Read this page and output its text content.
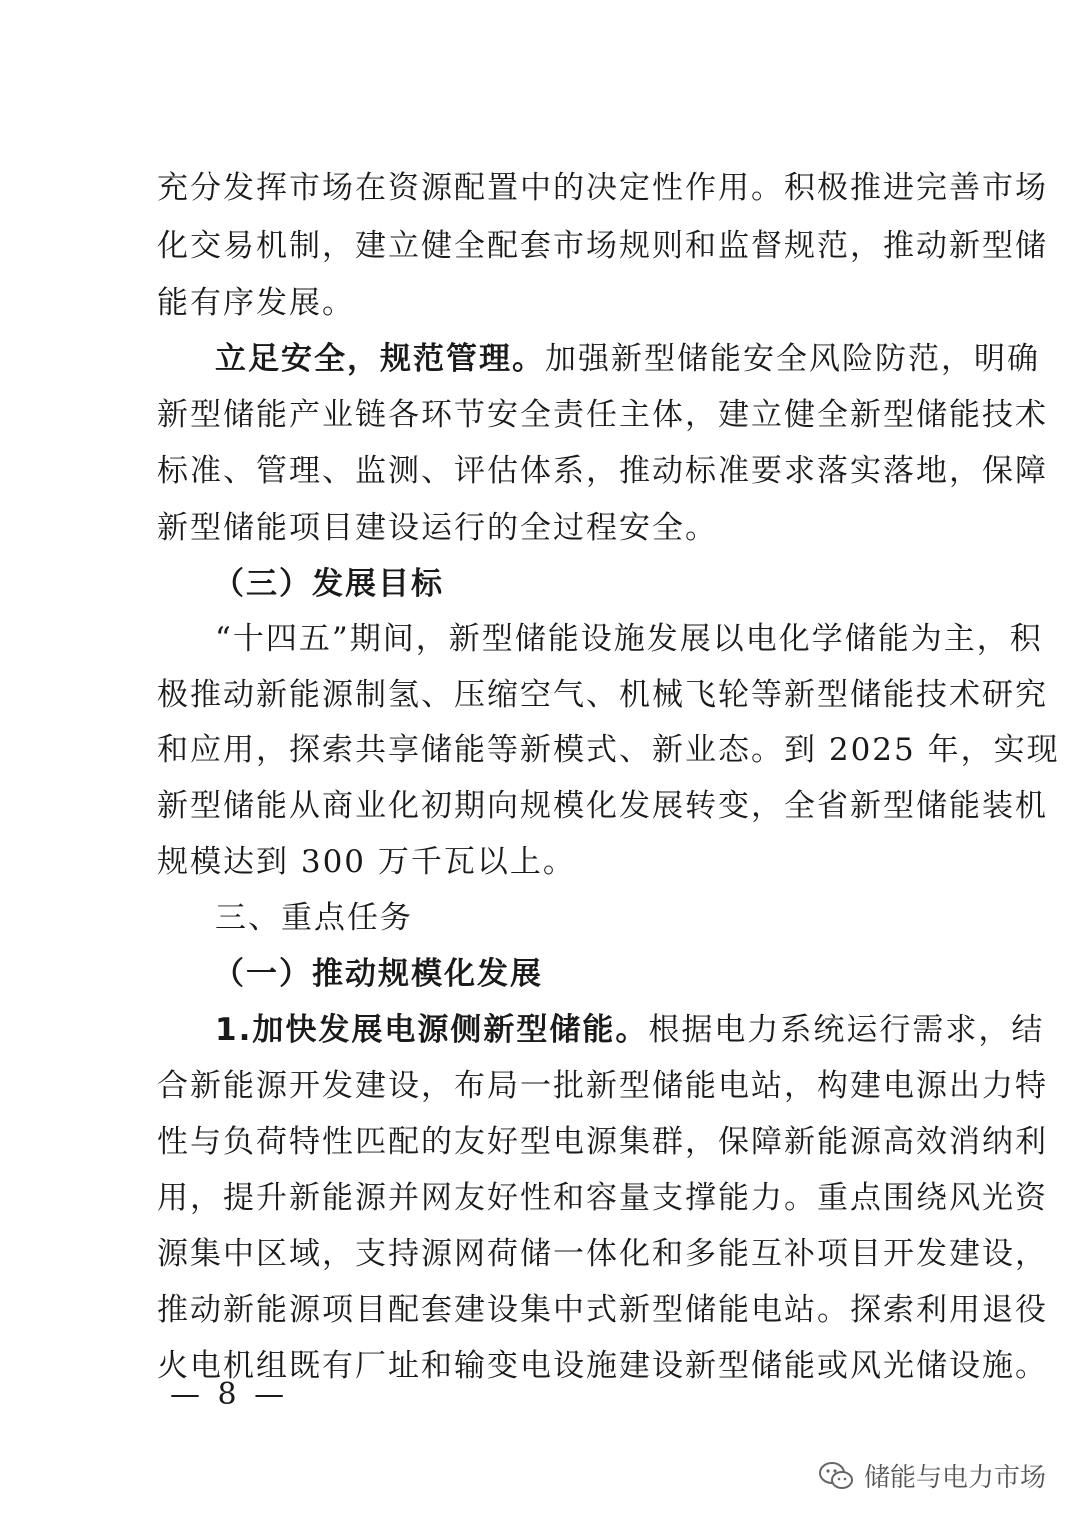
充分发挥市场在资源配置中的决定性作用。积极推进完善市场
化交易机制，建立健全配套市场规则和监督规范，推动新型储
能有序发展。
立足安全，规范管理。加强新型储能安全风险防范，明确
新型储能产业链各环节安全责任主体，建立健全新型储能技术
标准、管理、监测、评估体系，推动标准要求落实落地，保障
新型储能项目建设运行的全过程安全。
（三）发展目标
“十四五”期间，新型储能设施发展以电化学储能为主，积
极推动新能源制氢、压缩空气、机械飞轮等新型储能技术研究
和应用，探索共享储能等新模式、新业态。到 2025 年，实现
新型储能从商业化初期向规模化发展转变，全省新型储能装机
规模达到 300 万千瓦以上。
三、重点任务
（一）推动规模化发展
1.加快发展电源侧新型储能。根据电力系统运行需求，结
合新能源开发建设，布局一批新型储能电站，构建电源出力特
性与负荷特性匹配的友好型电源集群，保障新能源高效消纳利
用，提升新能源并网友好性和容量支撑能力。重点围绕风光资
源集中区域，支持源网荷储一体化和多能互补项目开发建设，
推动新能源项目配套建设集中式新型储能电站。探索利用退役
火电机组既有厂址和输变电设施建设新型储能或风光储设施。
— 8 —
储能与电力市场
